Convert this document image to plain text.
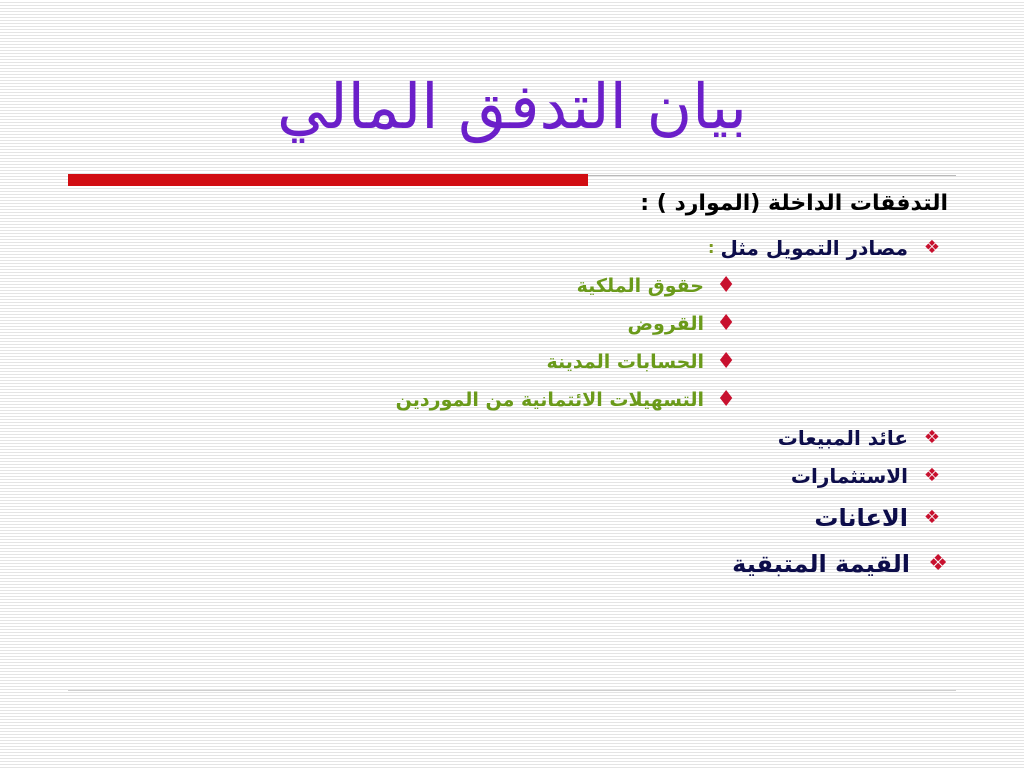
بيان التدفق المالي
التدفقات الداخلة (الموارد ) :
❖
مصادر التمويل مثل
:
♦
حقوق الملكية
♦
القروض
♦
الحسابات المدينة
♦
التسهيلات الائتمانية من الموردين
❖
عائد المبيعات
❖
الاستثمارات
❖
الاعانات
❖
القيمة المتبقية
